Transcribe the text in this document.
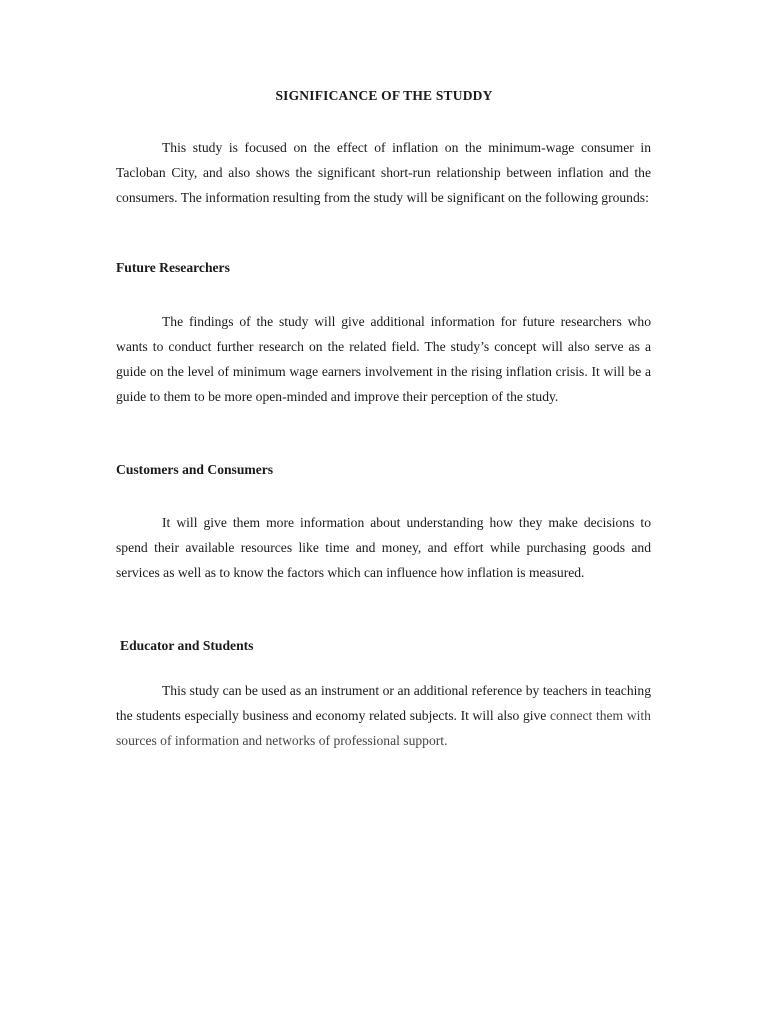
SIGNIFICANCE OF THE STUDDY

This study is focused on the effect of inflation on the minimum-wage consumer in Tacloban City, and also shows the significant short-run relationship between inflation and the consumers. The information resulting from the study will be significant on the following grounds:

Future Researchers

The findings of the study will give additional information for future researchers who wants to conduct further research on the related field. The study’s concept will also serve as a guide on the level of minimum wage earners involvement in the rising inflation crisis. It will be a guide to them to be more open-minded and improve their perception of the study.

Customers and Consumers

It will give them more information about understanding how they make decisions to spend their available resources like time and money, and effort while purchasing goods and services as well as to know the factors which can influence how inflation is measured.

Educator and Students

This study can be used as an instrument or an additional reference by teachers in teaching the students especially business and economy related subjects. It will also give connect them with sources of information and networks of professional support.
